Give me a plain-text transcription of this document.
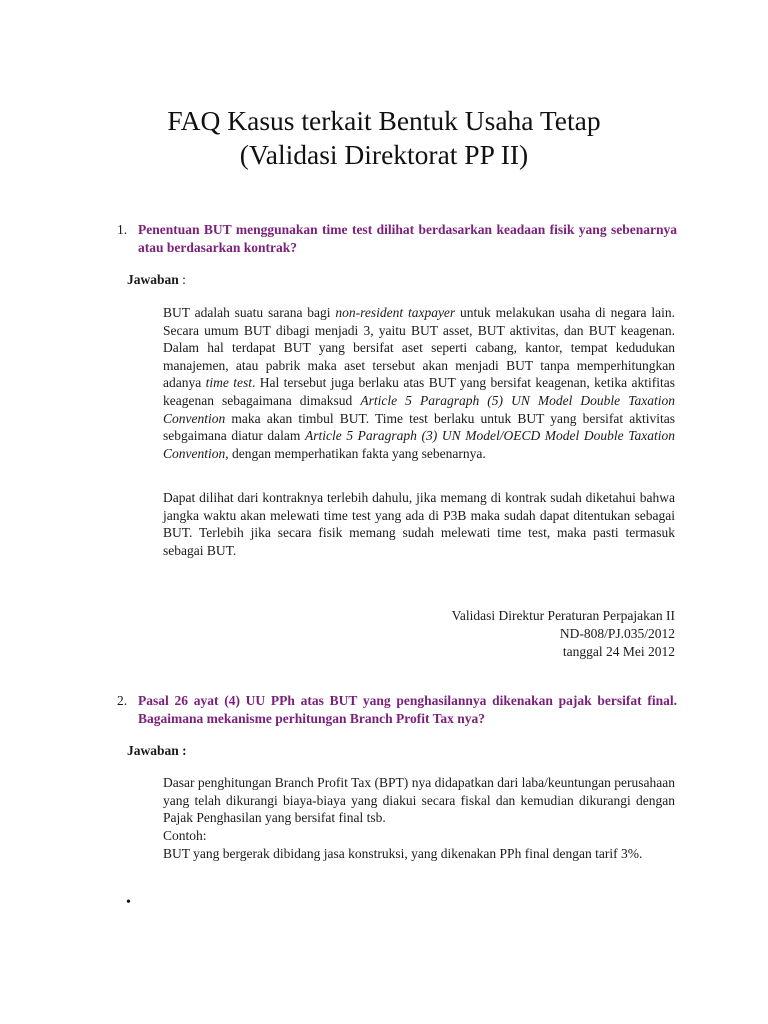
FAQ Kasus terkait Bentuk Usaha Tetap
(Validasi Direktorat PP II)
1. Penentuan BUT menggunakan time test dilihat berdasarkan keadaan fisik yang sebenarnya atau berdasarkan kontrak?
Jawaban :
BUT adalah suatu sarana bagi non-resident taxpayer untuk melakukan usaha di negara lain. Secara umum BUT dibagi menjadi 3, yaitu BUT asset, BUT aktivitas, dan BUT keagenan. Dalam hal terdapat BUT yang bersifat aset seperti cabang, kantor, tempat kedudukan manajemen, atau pabrik maka aset tersebut akan menjadi BUT tanpa memperhitungkan adanya time test. Hal tersebut juga berlaku atas BUT yang bersifat keagenan, ketika aktifitas keagenan sebagaimana dimaksud Article 5 Paragraph (5) UN Model Double Taxation Convention maka akan timbul BUT. Time test berlaku untuk BUT yang bersifat aktivitas sebgaimana diatur dalam Article 5 Paragraph (3) UN Model/OECD Model Double Taxation Convention, dengan memperhatikan fakta yang sebenarnya.
Dapat dilihat dari kontraknya terlebih dahulu, jika memang di kontrak sudah diketahui bahwa jangka waktu akan melewati time test yang ada di P3B maka sudah dapat ditentukan sebagai BUT. Terlebih jika secara fisik memang sudah melewati time test, maka pasti termasuk sebagai BUT.
Validasi Direktur Peraturan Perpajakan II
ND-808/PJ.035/2012
tanggal 24 Mei 2012
2. Pasal 26 ayat (4) UU PPh atas BUT yang penghasilannya dikenakan pajak bersifat final. Bagaimana mekanisme perhitungan Branch Profit Tax nya?
Jawaban :
Dasar penghitungan Branch Profit Tax (BPT) nya didapatkan dari laba/keuntungan perusahaan yang telah dikurangi biaya-biaya yang diakui secara fiskal dan kemudian dikurangi dengan Pajak Penghasilan yang bersifat final tsb.
Contoh:
BUT yang bergerak dibidang jasa konstruksi, yang dikenakan PPh final dengan tarif 3%.
•
